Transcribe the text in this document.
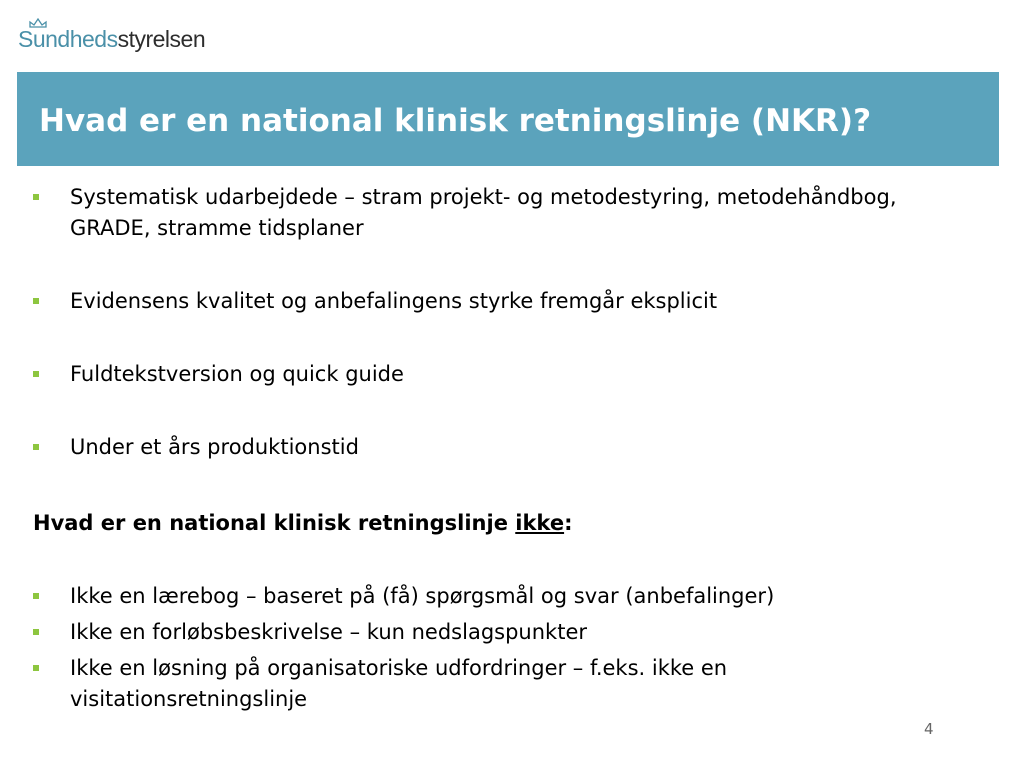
Sundhedsstyrelsen
Hvad er en national klinisk retningslinje (NKR)?
Systematisk udarbejdede – stram projekt- og metodestyring, metodehåndbog, GRADE, stramme tidsplaner
Evidensens kvalitet og anbefalingens styrke fremgår eksplicit
Fuldtekstversion og quick guide
Under et års produktionstid
Hvad er en national klinisk retningslinje ikke:
Ikke en lærebog – baseret på (få) spørgsmål og svar (anbefalinger)
Ikke en forløbsbeskrivelse – kun nedslagspunkter
Ikke en løsning på organisatoriske udfordringer – f.eks. ikke en visitationsretningslinje
4
